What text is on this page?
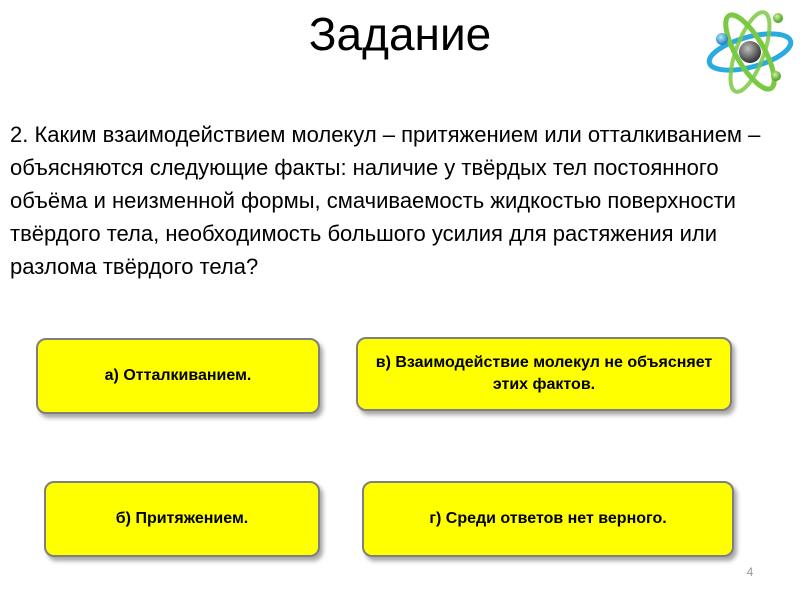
Задание
2. Каким взаимодействием молекул – притяжением или отталкиванием – объясняются следующие факты: наличие у твёрдых тел постоянного объёма и неизменной формы, смачиваемость жидкостью поверхности твёрдого тела, необходимость большого усилия для растяжения или разлома твёрдого тела?
а) Отталкиванием.
в) Взаимодействие молекул не объясняет этих фактов.
б) Притяжением.	г) Среди ответов нет верного.
4
